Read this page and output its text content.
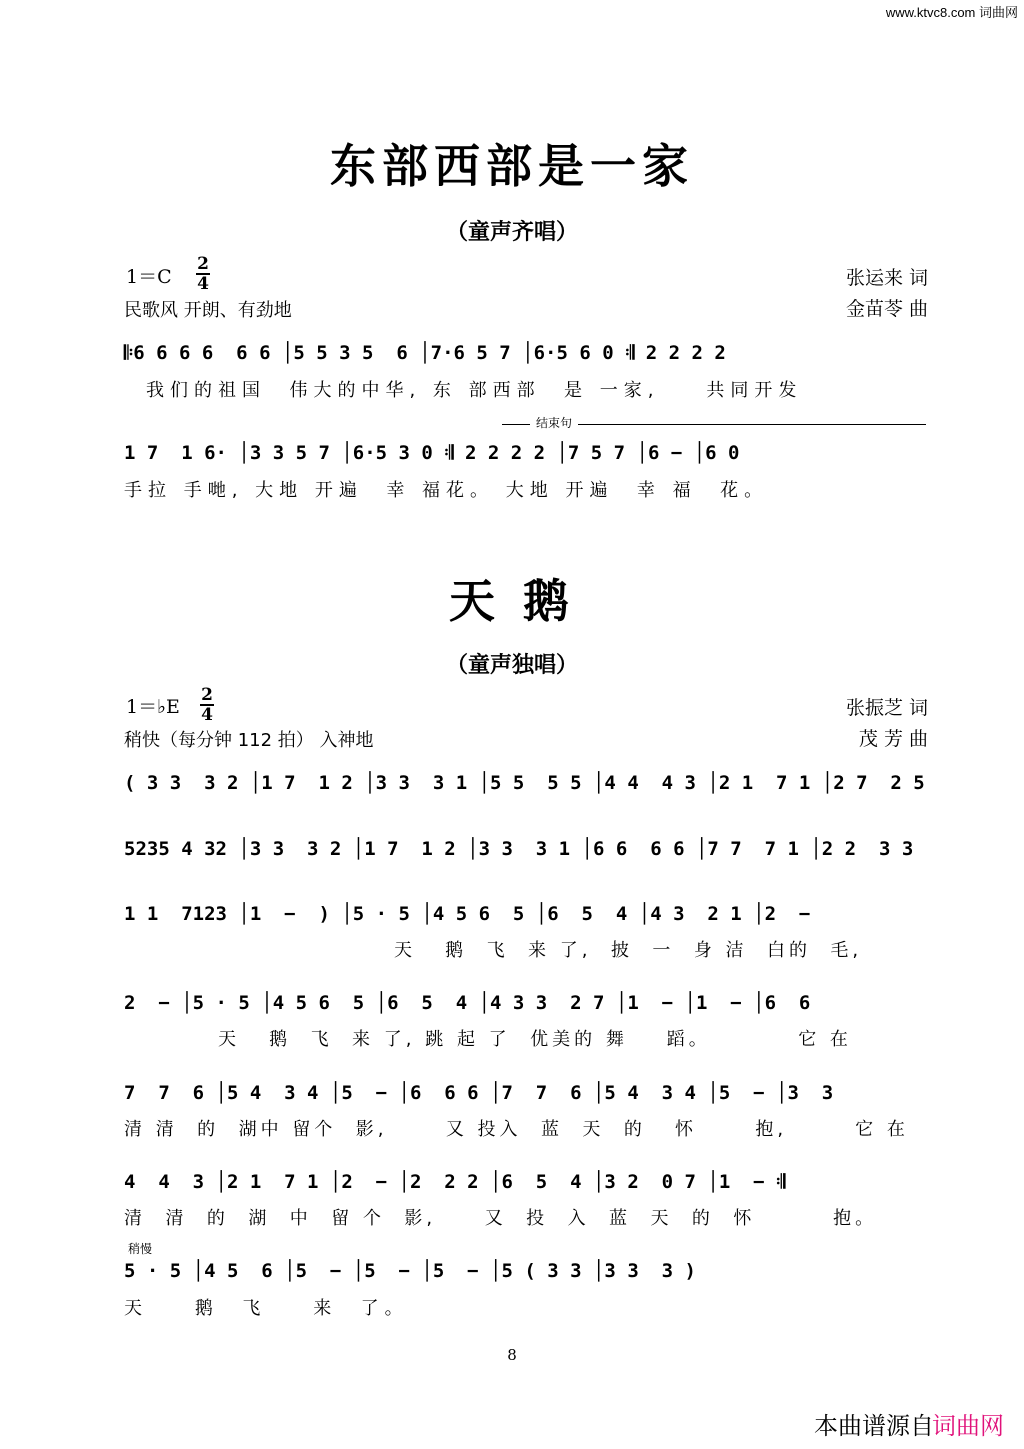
www.ktvc8.com 词曲网
东部西部是一家
（童声齐唱）
1＝C
2
4
民歌风 开朗、有劲地
张运来 词
金苗苓 曲
𝄆6 6 6 6  6 6 │5 5 3 5  6 │7·6 5 7 │6·5 6 0 𝄇 2 2 2 2
我们的祖国  伟大的中华, 东 部西部  是 一家,    共同开发
结束句
1 7  1 6· │3 3 5 7 │6·5 3 0 𝄇 2 2 2 2 │7 5 7 │6 − │6 0
手拉 手哋, 大地 开遍  幸 福花。 大地 开遍  幸 福  花。
天 鹅
（童声独唱）
1＝♭E
2
4
稍快（每分钟 112 拍） 入神地
张振芝 词
茂 芳 曲
( 3 3  3 2 │1 7  1 2 │3 3  3 1 │5 5  5 5 │4 4  4 3 │2 1  7 1 │2 7  2 5
5235 4 32 │3 3  3 2 │1 7  1 2 │3 3  3 1 │6 6  6 6 │7 7  7 1 │2 2  3 3
1 1  7123 │1  −  ) │5 · 5 │4 5 6  5 │6  5  4 │4 3  2 1 │2  −
天   鹅  飞  来 了,  披  一  身 洁  白的  毛,
2  − │5 · 5 │4 5 6  5 │6  5  4 │4 3 3  2 7 │1  − │1  − │6  6
天   鹅  飞  来 了, 跳 起 了  优美的 舞    蹈。         它 在
7  7  6 │5 4  3 4 │5  − │6  6 6 │7  7  6 │5 4  3 4 │5  − │3  3
清 清  的  湖中 留个  影,      又 投入  蓝  天  的   怀      抱,       它 在
4  4  3 │2 1  7 1 │2  − │2  2 2 │6  5  4 │3 2  0 7 │1  − 𝄇
清  清  的  湖  中  留 个  影,     又  投  入  蓝  天  的  怀        抱。
稍慢
5 · 5 │4 5  6 │5  − │5  − │5  − │5 ( 3 3 │3 3  3 )
天    鹅  飞    来  了。
8
本曲谱源自
词曲网
